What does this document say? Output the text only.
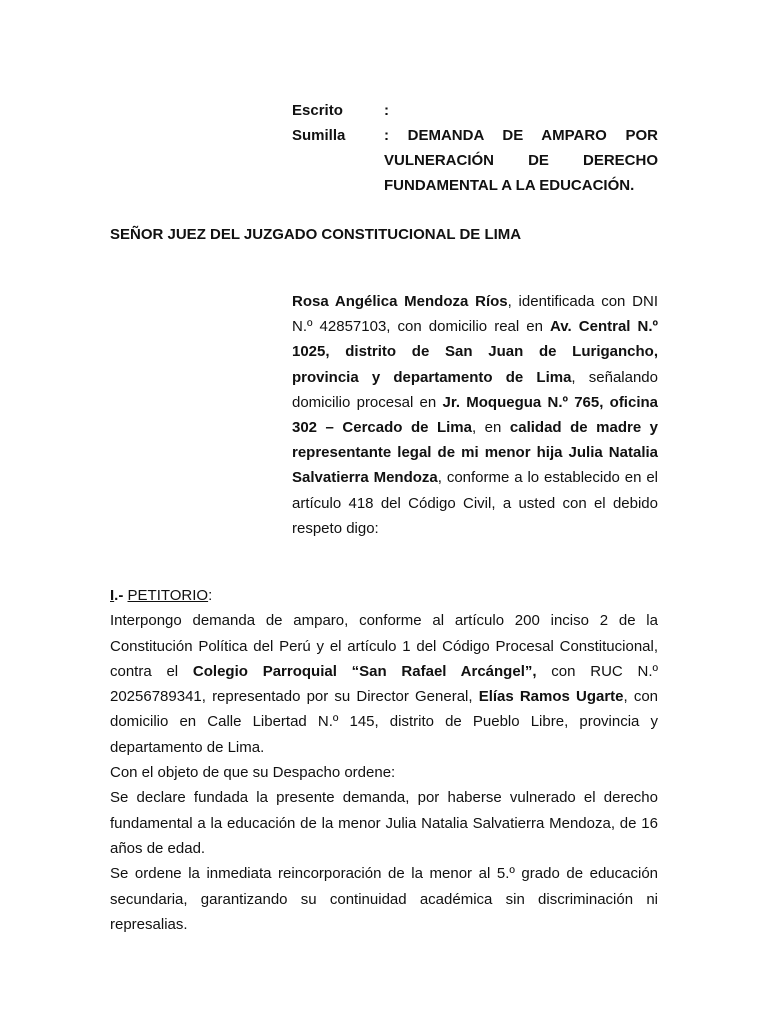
Escrito	:
Sumilla	: DEMANDA DE AMPARO POR VULNERACIÓN DE DERECHO FUNDAMENTAL A LA EDUCACIÓN.
SEÑOR JUEZ DEL JUZGADO CONSTITUCIONAL DE LIMA
Rosa Angélica Mendoza Ríos, identificada con DNI N.º 42857103, con domicilio real en Av. Central N.º 1025, distrito de San Juan de Lurigancho, provincia y departamento de Lima, señalando domicilio procesal en Jr. Moquegua N.º 765, oficina 302 – Cercado de Lima, en calidad de madre y representante legal de mi menor hija Julia Natalia Salvatierra Mendoza, conforme a lo establecido en el artículo 418 del Código Civil, a usted con el debido respeto digo:

I.- PETITORIO:

Interpongo demanda de amparo, conforme al artículo 200 inciso 2 de la Constitución Política del Perú y el artículo 1 del Código Procesal Constitucional, contra el Colegio Parroquial “San Rafael Arcángel”, con RUC N.º 20256789341, representado por su Director General, Elías Ramos Ugarte, con domicilio en Calle Libertad N.º 145, distrito de Pueblo Libre, provincia y departamento de Lima.

Con el objeto de que su Despacho ordene:

Se declare fundada la presente demanda, por haberse vulnerado el derecho fundamental a la educación de la menor Julia Natalia Salvatierra Mendoza, de 16 años de edad.

Se ordene la inmediata reincorporación de la menor al 5.º grado de educación secundaria, garantizando su continuidad académica sin discriminación ni represalias.
